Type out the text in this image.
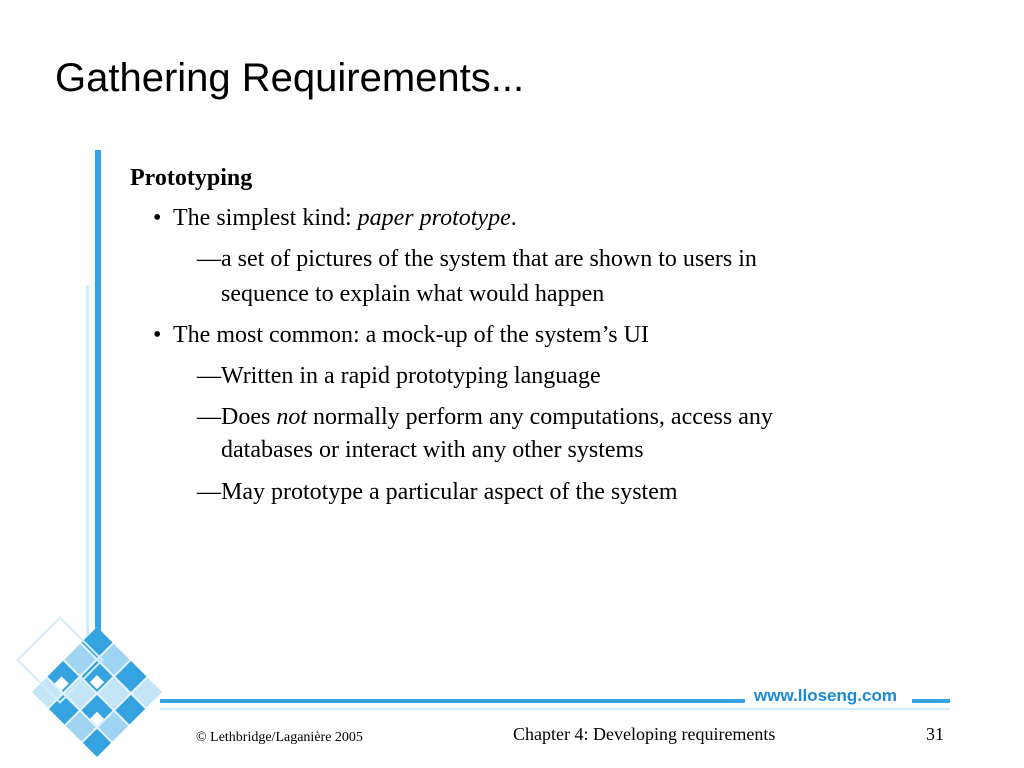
Gathering Requirements...
Prototyping
• The simplest kind: paper prototype.
—a set of pictures of the system that are shown to users in
sequence to explain what would happen
• The most common: a mock-up of the system’s UI
—Written in a rapid prototyping language
—Does not normally perform any computations, access any
databases or interact with any other systems
—May prototype a particular aspect of the system
www.lloseng.com
© Lethbridge/Laganière 2005	Chapter 4: Developing requirements	31
